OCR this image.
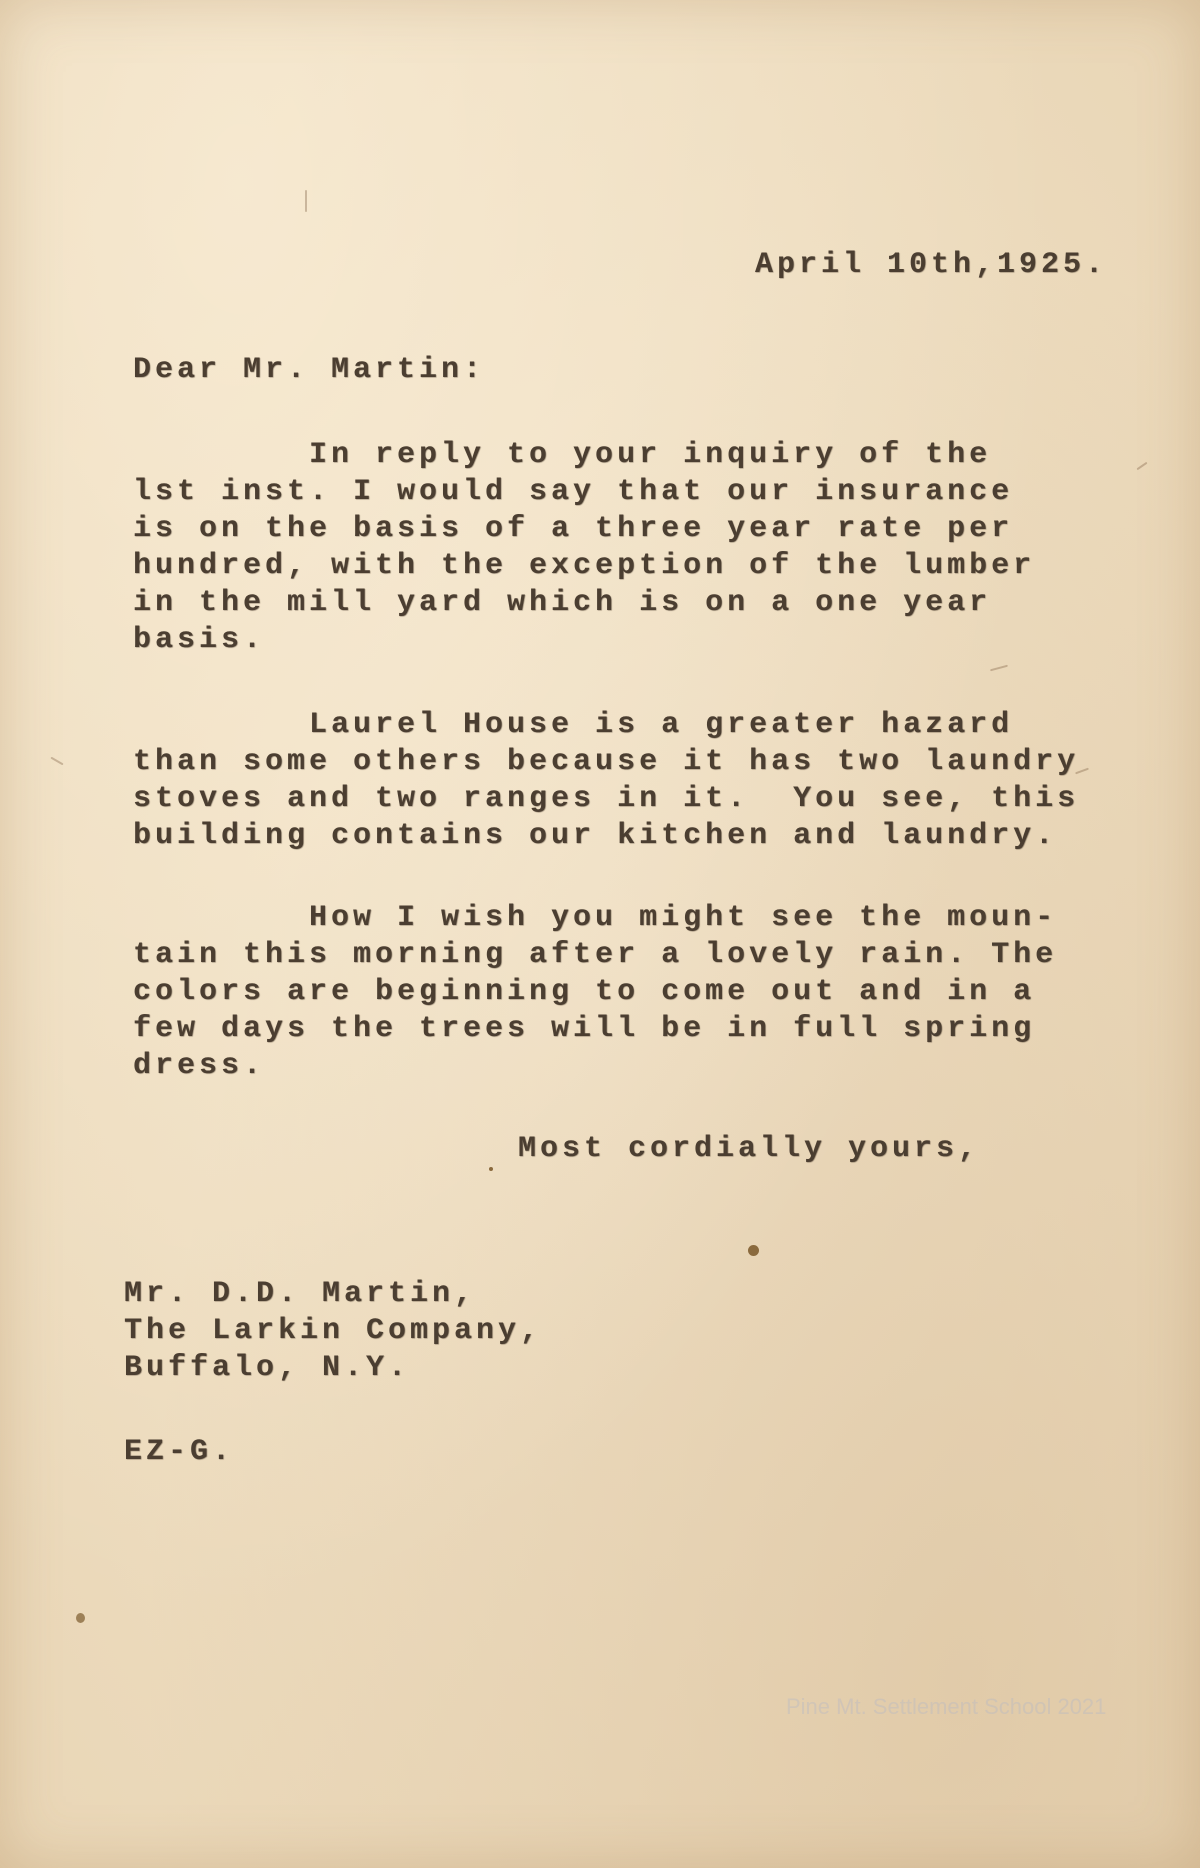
April 10th,1925.

Dear Mr. Martin:

In reply to your inquiry of the
lst inst. I would say that our insurance
is on the basis of a three year rate per
hundred, with the exception of the lumber
in the mill yard which is on a one year
basis.
Laurel House is a greater hazard
than some others because it has two laundry
stoves and two ranges in it.  You see, this
building contains our kitchen and laundry.
How I wish you might see the moun-
tain this morning after a lovely rain. The
colors are beginning to come out and in a
few days the trees will be in full spring
dress.

Most cordially yours,

Mr. D.D. Martin,
The Larkin Company,
Buffalo, N.Y.

EZ-G.

Pine Mt. Settlement School 2021
